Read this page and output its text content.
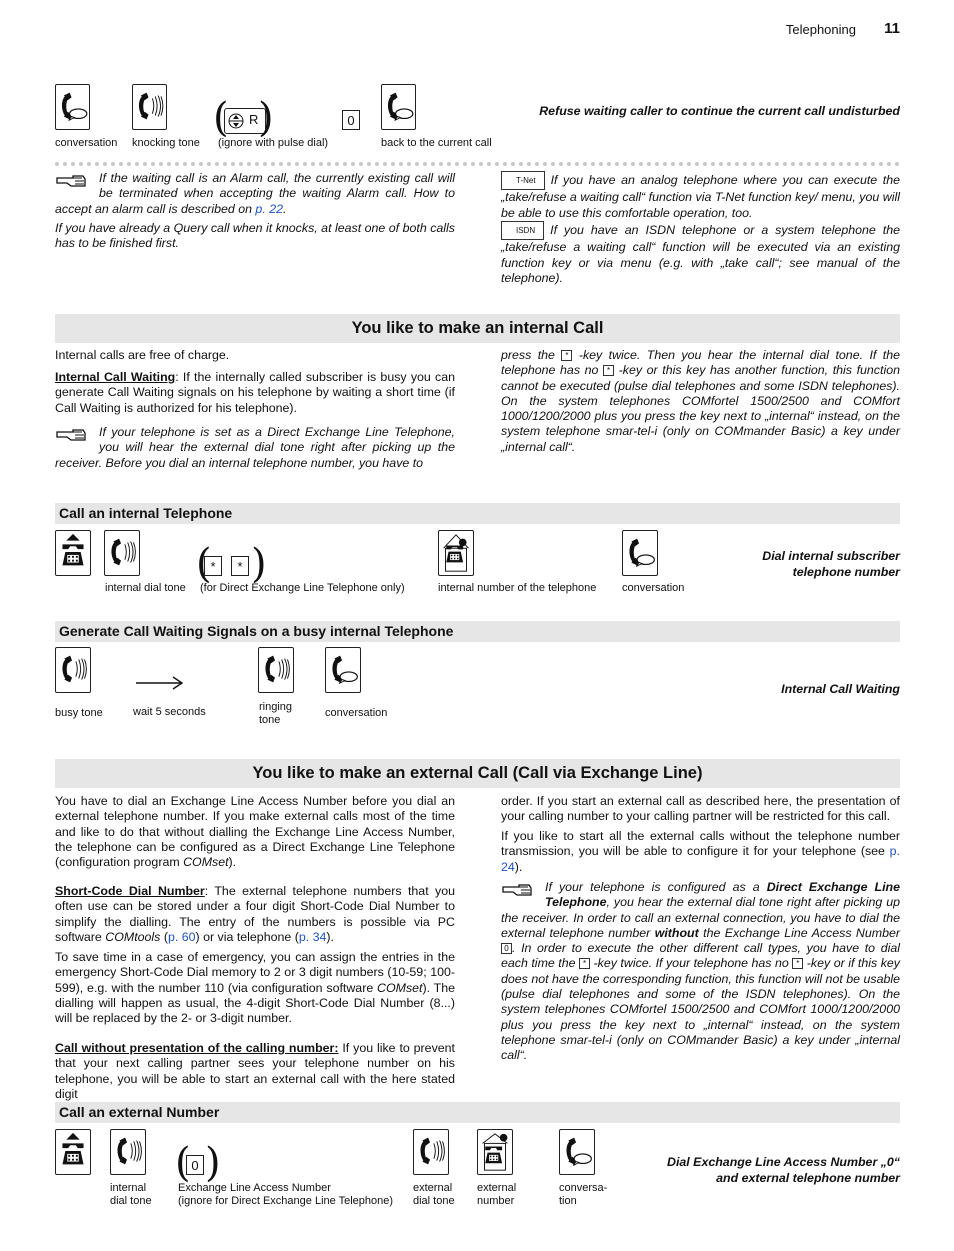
Telephoning 11
conversation knocking tone
( R )
(ignore with pulse dial)
0
back to the current call
Refuse waiting caller to continue the current call undisturbed
If the waiting call is an Alarm call, the currently existing call will be terminated when accepting the waiting Alarm call. How to accept an alarm call is described on p. 22.
If you have already a Query call when it knocks, at least one of both calls has to be finished first.
T-Net If you have an analog telephone where you can execute the „take/refuse a waiting call“ function via T-Net function key/ menu, you will be able to use this comfortable operation, too.
ISDN If you have an ISDN telephone or a system telephone the „take/refuse a waiting call“ function will be executed via an existing function key or via menu (e.g. with „take call“; see manual of the telephone).
You like to make an internal Call
Internal calls are free of charge.
Internal Call Waiting: If the internally called subscriber is busy you can generate Call Waiting signals on his telephone by waiting a short time (if Call Waiting is authorized for his telephone).
If your telephone is set as a Direct Exchange Line Telephone, you will hear the external dial tone right after picking up the receiver. Before you dial an internal telephone number, you have to
press the * -key twice. Then you hear the internal dial tone. If the telephone has no * -key or this key has another function, this function cannot be executed (pulse dial telephones and some ISDN telephones). On the system telephones COMfortel 1500/2500 and COMfort 1000/1200/2000 plus you press the key next to „internal“ instead, on the system telephone smar-tel-i (only on COMmander Basic) a key under „internal call“.
Call an internal Telephone
internal dial tone
(
*	* )
(for Direct Exchange Line Telephone only)	internal number of the telephone conversation
Dial internal subscriber
telephone number
Generate Call Waiting Signals on a busy internal Telephone
busy tone	wait 5 seconds	ringing
tone
conversation
Internal Call Waiting
You like to make an external Call (Call via Exchange Line)
You have to dial an Exchange Line Access Number before you dial an external telephone number. If you make external calls most of the time and like to do that without dialling the Exchange Line Access Number, the telephone can be configured as a Direct Exchange Line Telephone (configuration program COMset).
Short-Code Dial Number: The external telephone numbers that you often use can be stored under a four digit Short-Code Dial Number to simplify the dialling. The entry of the numbers is possible via PC software COMtools (p. 60) or via telephone (p. 34).
To save time in a case of emergency, you can assign the entries in the emergency Short-Code Dial memory to 2 or 3 digit numbers (10-59; 100-599), e.g. with the number 110 (via configuration software COMset). The dialling will happen as usual, the 4-digit Short-Code Dial Number (8...) will be replaced by the 2- or 3-digit number.
Call without presentation of the calling number: If you like to prevent that your next calling partner sees your telephone number on his telephone, you will be able to start an external call with the here stated digit
order. If you start an external call as described here, the presentation of your calling number to your calling partner will be restricted for this call.
If you like to start all the external calls without the telephone number transmission, you will be able to configure it for your telephone (see p. 24).
If your telephone is configured as a Direct Exchange Line Telephone, you hear the external dial tone right after picking up the receiver. In order to call an external connection, you have to dial the external telephone number without the Exchange Line Access Number 0 . In order to execute the other different call types, you have to dial each time the * -key twice. If your telephone has no * -key or if this key does not have the corresponding function, this function will not be usable (pulse dial telephones and some of the ISDN telephones). On the system telephones COMfortel 1500/2500 and COMfort 1000/1200/2000 plus you press the key next to „internal“ instead, on the system telephone smar-tel-i (only on COMmander Basic) a key under „internal call“.
Call an external Number
internal
dial tone
( 0 )
Exchange Line Access Number
(ignore for Direct Exchange Line Telephone)
external
dial tone
external
number
conversa-
tion
Dial Exchange Line Access Number „0“
and external telephone number
